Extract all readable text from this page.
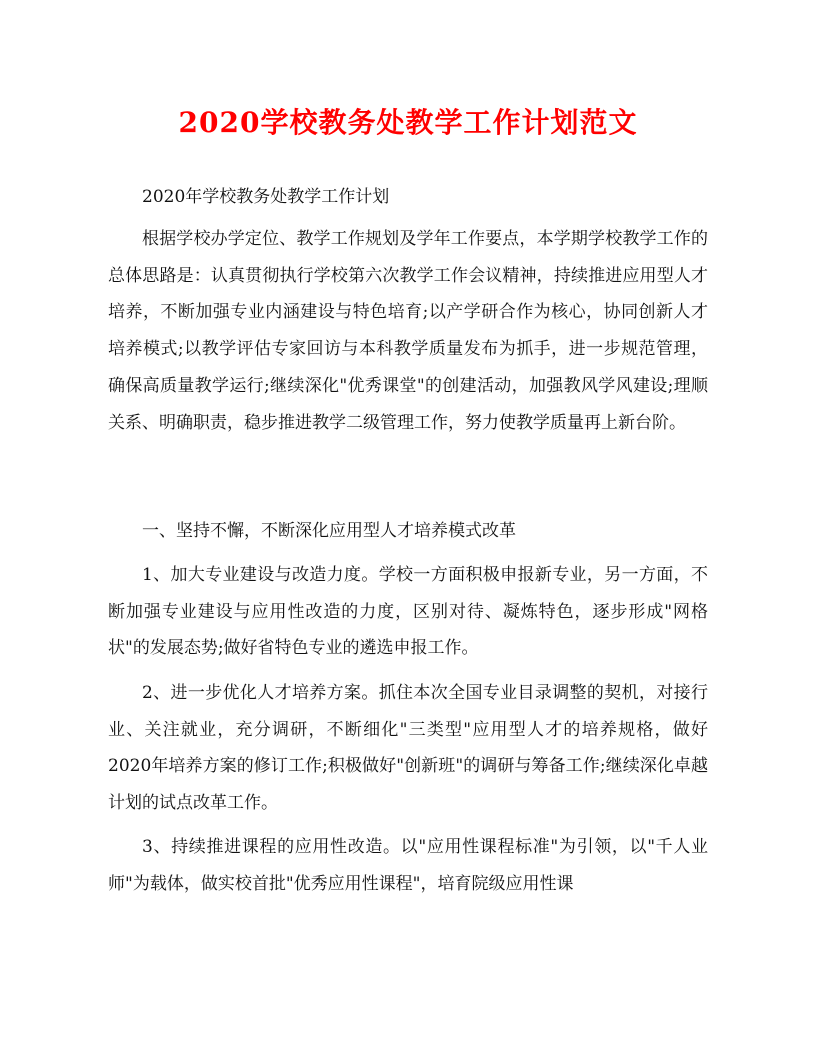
2020学校教务处教学工作计划范文

2020年学校教务处教学工作计划

根据学校办学定位、教学工作规划及学年工作要点，本学期学校教学工作的总体思路是：认真贯彻执行学校第六次教学工作会议精神，持续推进应用型人才培养，不断加强专业内涵建设与特色培育;以产学研合作为核心，协同创新人才培养模式;以教学评估专家回访与本科教学质量发布为抓手，进一步规范管理，确保高质量教学运行;继续深化"优秀课堂"的创建活动，加强教风学风建设;理顺关系、明确职责，稳步推进教学二级管理工作，努力使教学质量再上新台阶。

一、坚持不懈，不断深化应用型人才培养模式改革

1、加大专业建设与改造力度。学校一方面积极申报新专业，另一方面，不断加强专业建设与应用性改造的力度，区别对待、凝炼特色，逐步形成"网格状"的发展态势;做好省特色专业的遴选申报工作。

2、进一步优化人才培养方案。抓住本次全国专业目录调整的契机，对接行业、关注就业，充分调研，不断细化"三类型"应用型人才的培养规格，做好2020年培养方案的修订工作;积极做好"创新班"的调研与筹备工作;继续深化卓越计划的试点改革工作。

3、持续推进课程的应用性改造。以"应用性课程标准"为引领，以"千人业师"为载体，做实校首批"优秀应用性课程"，培育院级应用性课
